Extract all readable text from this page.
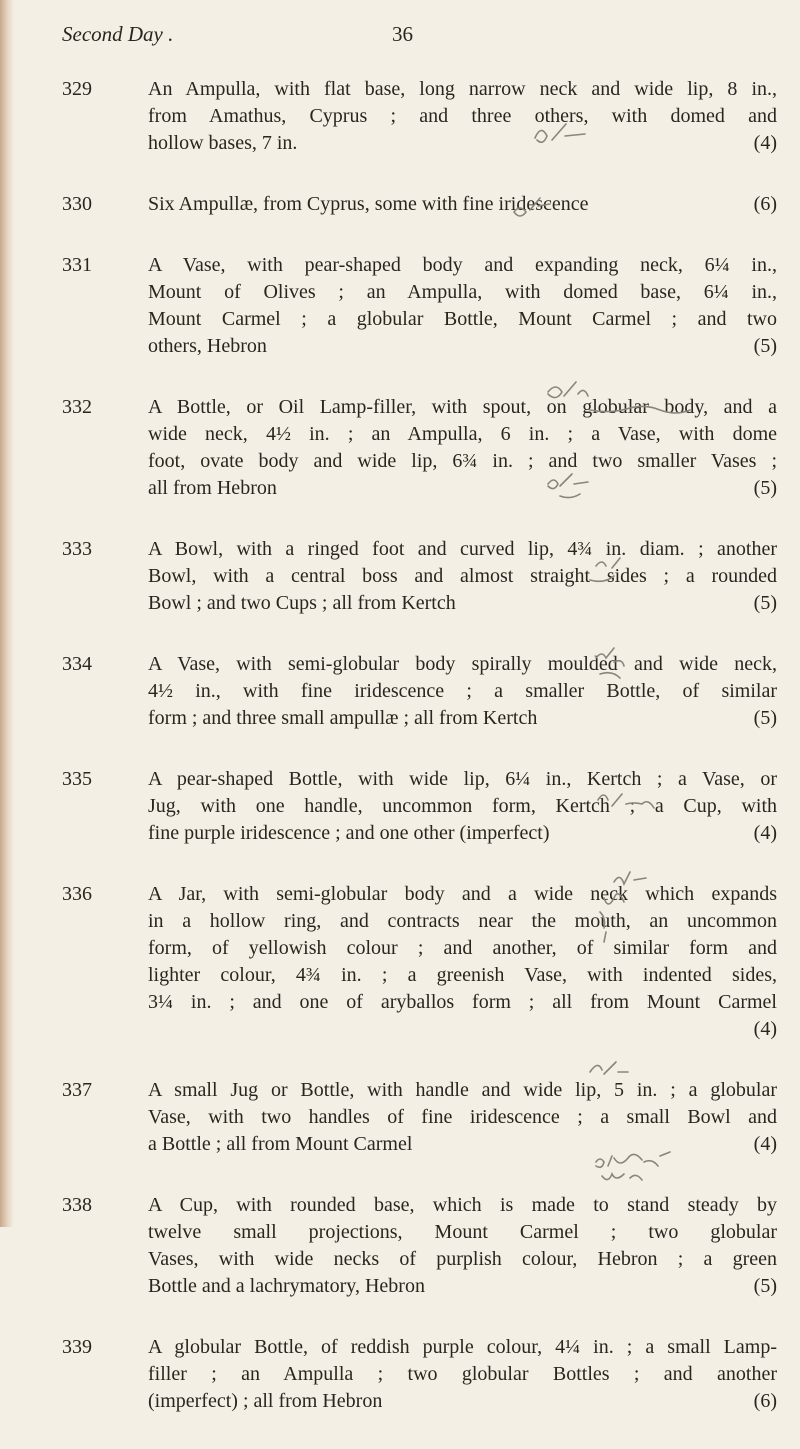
Second Day .	36
329	An Ampulla, with flat base, long narrow neck and wide lip, 8 in.,
from Amathus, Cyprus ; and three others, with domed and
hollow bases, 7 in.	(4)
330	Six Ampullæ, from Cyprus, some with fine iridescence	(6)
331	A Vase, with pear-shaped body and expanding neck, 6¼ in.,
Mount of Olives ; an Ampulla, with domed base, 6¼ in.,
Mount Carmel ; a globular Bottle, Mount Carmel ; and two
others, Hebron	(5)
332	A Bottle, or Oil Lamp-filler, with spout, on globular body, and a
wide neck, 4½ in. ; an Ampulla, 6 in. ; a Vase, with dome
foot, ovate body and wide lip, 6¾ in. ; and two smaller Vases ;
all from Hebron	(5)
333	A Bowl, with a ringed foot and curved lip, 4¾ in. diam. ; another
Bowl, with a central boss and almost straight sides ; a rounded
Bowl ; and two Cups ; all from Kertch	(5)
334	A Vase, with semi-globular body spirally moulded and wide neck,
4½ in., with fine iridescence ; a smaller Bottle, of similar
form ; and three small ampullæ ; all from Kertch	(5)
335	A pear-shaped Bottle, with wide lip, 6¼ in., Kertch ; a Vase, or
Jug, with one handle, uncommon form, Kertch ; a Cup, with
fine purple iridescence ; and one other (imperfect)	(4)
336	A Jar, with semi-globular body and a wide neck which expands
in a hollow ring, and contracts near the mouth, an uncommon
form, of yellowish colour ; and another, of similar form and
lighter colour, 4¾ in. ; a greenish Vase, with indented sides,
3¼ in. ; and one of aryballos form ; all from Mount Carmel
(4)
337	A small Jug or Bottle, with handle and wide lip, 5 in. ; a globular
Vase, with two handles of fine iridescence ; a small Bowl and
a Bottle ; all from Mount Carmel	(4)
338	A Cup, with rounded base, which is made to stand steady by
twelve small projections, Mount Carmel ; two globular
Vases, with wide necks of purplish colour, Hebron ; a green
Bottle and a lachrymatory, Hebron	(5)
339	A globular Bottle, of reddish purple colour, 4¼ in. ; a small Lamp-
filler ; an Ampulla ; two globular Bottles ; and another
(imperfect) ; all from Hebron	(6)
